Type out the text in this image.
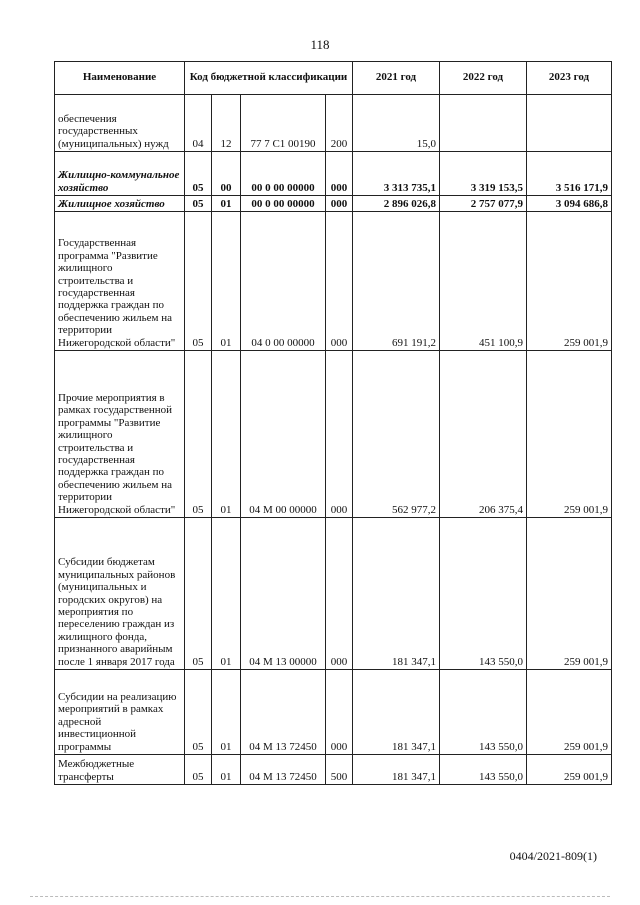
118
Наименование	Код бюджетной классификации				2021 год	2022 год	2023 год
обеспечения государственных (муниципальных) нужд	04	12	77 7 C1 00190	200	15,0		
Жилищно-коммунальное хозяйство	05	00	00 0 00 00000	000	3 313 735,1	3 319 153,5	3 516 171,9
Жилищное хозяйство	05	01	00 0 00 00000	000	2 896 026,8	2 757 077,9	3 094 686,8
Государственная программа "Развитие жилищного строительства и государственная поддержка граждан по обеспечению жильем на территории Нижегородской области"	05	01	04 0 00 00000	000	691 191,2	451 100,9	259 001,9
Прочие мероприятия в рамках государственной программы "Развитие жилищного строительства и государственная поддержка граждан по обеспечению жильем на территории Нижегородской области"	05	01	04 М 00 00000	000	562 977,2	206 375,4	259 001,9
Субсидии бюджетам муниципальных районов (муниципальных и городских округов) на мероприятия по переселению граждан из жилищного фонда, признанного аварийным после 1 января 2017 года	05	01	04 М 13 00000	000	181 347,1	143 550,0	259 001,9
Субсидии на реализацию мероприятий в рамках адресной инвестиционной программы	05	01	04 М 13 72450	000	181 347,1	143 550,0	259 001,9
Межбюджетные трансферты	05	01	04 М 13 72450	500	181 347,1	143 550,0	259 001,9
0404/2021-809(1)
